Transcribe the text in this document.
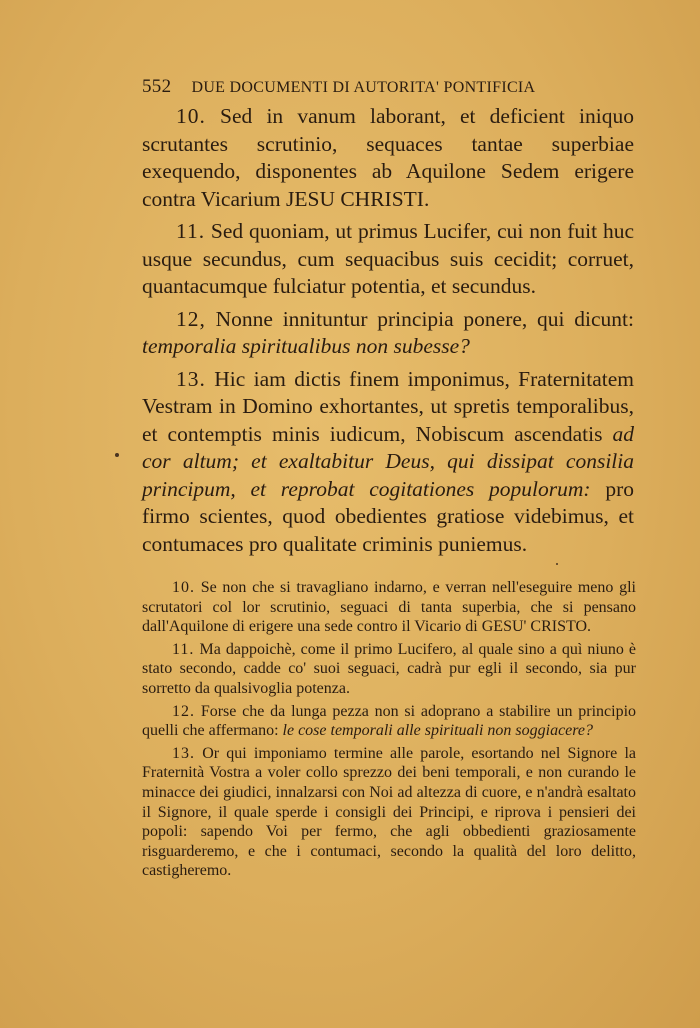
552 DUE DOCUMENTI DI AUTORITA' PONTIFICIA

10. Sed in vanum laborant, et deficient iniquo scrutantes scrutinio, sequaces tantae superbiae exequendo, disponentes ab Aquilone Sedem erigere contra Vicarium JESU CHRISTI.

11. Sed quoniam, ut primus Lucifer, cui non fuit huc usque secundus, cum sequacibus suis cecidit; corruet, quantacumque fulciatur potentia, et secundus.

12, Nonne innituntur principia ponere, qui dicunt: temporalia spiritualibus non subesse?

13. Hic iam dictis finem imponimus, Fraternitatem Vestram in Domino exhortantes, ut spretis temporalibus, et contemptis minis iudicum, Nobiscum ascendatis ad cor altum; et exaltabitur Deus, qui dissipat consilia principum, et reprobat cogitationes populorum: pro firmo scientes, quod obedientes gratiose videbimus, et contumaces pro qualitate criminis puniemus.

10. Se non che si travagliano indarno, e verran nell'eseguire meno gli scrutatori col lor scrutinio, seguaci di tanta superbia, che si pensano dall'Aquilone di erigere una sede contro il Vicario di GESU' CRISTO.

11. Ma dappoichè, come il primo Lucifero, al quale sino a quì niuno è stato secondo, cadde co' suoi seguaci, cadrà pur egli il secondo, sia pur sorretto da qualsivoglia potenza.

12. Forse che da lunga pezza non si adoprano a stabilire un principio quelli che affermano: le cose temporali alle spirituali non soggiacere?

13. Or qui imponiamo termine alle parole, esortando nel Signore la Fraternità Vostra a voler collo sprezzo dei beni temporali, e non curando le minacce dei giudici, innalzarsi con Noi ad altezza di cuore, e n'andrà esaltato il Signore, il quale sperde i consigli dei Principi, e riprova i pensieri dei popoli: sapendo Voi per fermo, che agli obbedienti graziosamente risguarderemo, e che i contumaci, secondo la qualità del loro delitto, castigheremo.
